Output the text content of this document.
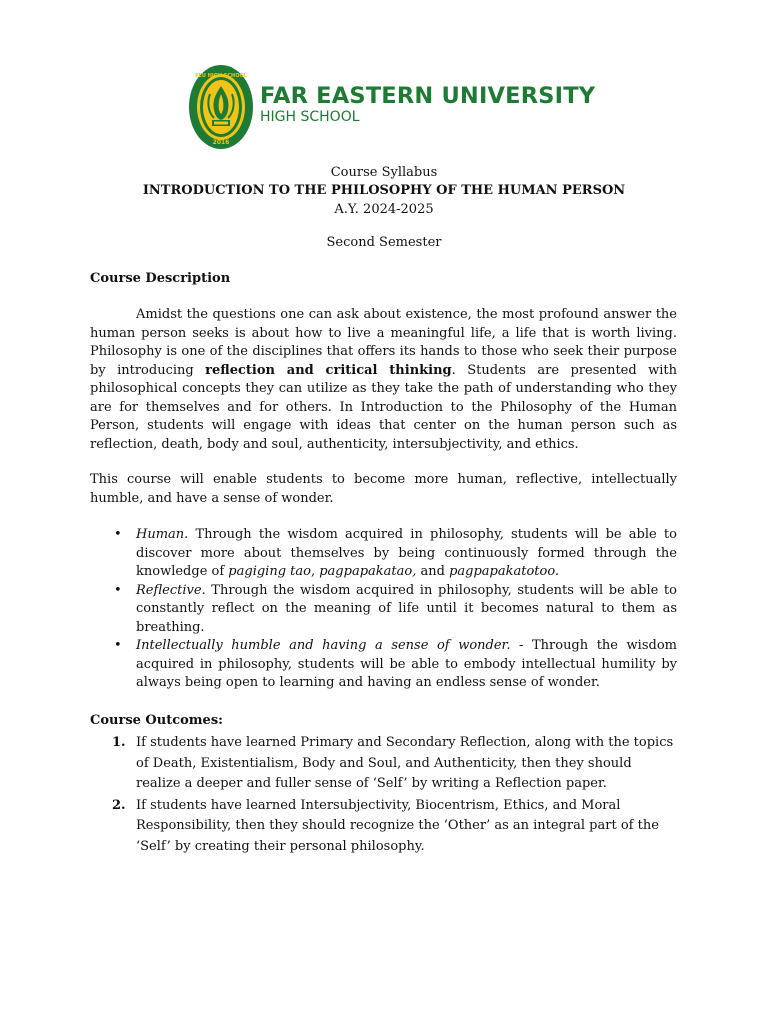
FEU HIGH SCHOOL
2016
FAR EASTERN UNIVERSITY
HIGH SCHOOL
Course Syllabus
INTRODUCTION TO THE PHILOSOPHY OF THE HUMAN PERSON
A.Y. 2024-2025
Second Semester
Course Description

Amidst the questions one can ask about existence, the most profound answer the human person seeks is about how to live a meaningful life, a life that is worth living. Philosophy is one of the disciplines that offers its hands to those who seek their purpose by introducing reflection and critical thinking. Students are presented with philosophical concepts they can utilize as they take the path of understanding who they are for themselves and for others. In Introduction to the Philosophy of the Human Person, students will engage with ideas that center on the human person such as reflection, death, body and soul, authenticity, intersubjectivity, and ethics.

This course will enable students to become more human, reflective, intellectually humble, and have a sense of wonder.

• Human. Through the wisdom acquired in philosophy, students will be able to discover more about themselves by being continuously formed through the knowledge of pagiging tao, pagpapakatao, and pagpapakatotoo.
• Reflective. Through the wisdom acquired in philosophy, students will be able to constantly reflect on the meaning of life until it becomes natural to them as breathing.
• Intellectually humble and having a sense of wonder. - Through the wisdom acquired in philosophy, students will be able to embody intellectual humility by always being open to learning and having an endless sense of wonder.
Course Outcomes:
1. If students have learned Primary and Secondary Reflection, along with the topics of Death, Existentialism, Body and Soul, and Authenticity, then they should realize a deeper and fuller sense of ‘Self’ by writing a Reflection paper.
2. If students have learned Intersubjectivity, Biocentrism, Ethics, and Moral Responsibility, then they should recognize the ‘Other’ as an integral part of the ‘Self’ by creating their personal philosophy.
